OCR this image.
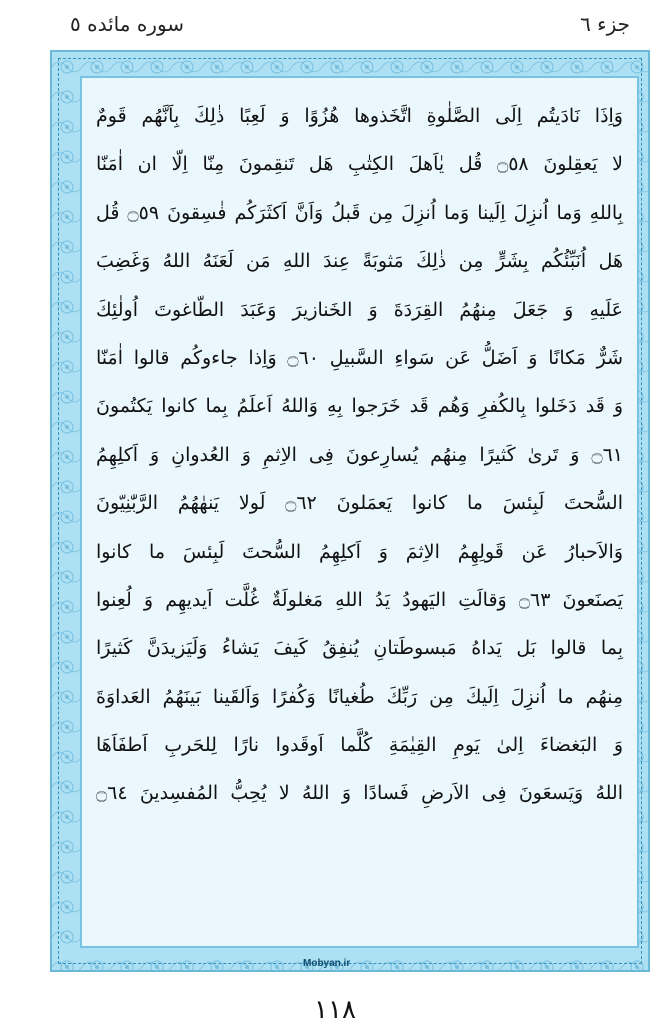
جزء ٦
سوره مائده ٥
وَاِذَا نَادَیتُم اِلَى الصَّلٰوةِ اتَّخَذوها هُزُوًا وَ لَعِبًا ذٰلِكَ بِاَنَّهُم قَومٌ
لا يَعقِلونَ ۝٥٨ قُل يٰاَهلَ الكِتٰبِ هَل تَنقِمونَ مِنّا اِلّا ان اٰمَنّا
بِاللهِ وَما اُنزِلَ اِلَينا وَما اُنزِلَ مِن قَبلُ وَاَنَّ اَكثَرَكُم فٰسِقونَ ۝٥٩ قُل
هَل اُنَبِّئُكُم بِشَرٍّ مِن ذٰلِكَ مَثوبَةً عِندَ اللهِ مَن لَعَنَهُ اللهُ وَغَضِبَ
عَلَيهِ وَ جَعَلَ مِنهُمُ القِرَدَةَ وَ الخَنازيرَ وَعَبَدَ الطّاغوتَ اُولٰئِكَ
شَرٌّ مَكانًا وَ اَضَلُّ عَن سَواءِ السَّبيلِ ۝٦٠ وَاِذا جاءوكُم قالوا اٰمَنّا
وَ قَد دَخَلوا بِالكُفرِ وَهُم قَد خَرَجوا بِهِ وَاللهُ اَعلَمُ بِما كانوا يَكتُمونَ
۝٦١ وَ تَرىٰ كَثيرًا مِنهُم يُسارِعونَ فِى الاِثمِ وَ العُدوانِ وَ اَكلِهِمُ
السُّحتَ لَبِئسَ ما كانوا يَعمَلونَ ۝٦٢ لَولا يَنهٰهُمُ الرَّبّٰنِيّونَ
وَالاَحبارُ عَن قَولِهِمُ الاِثمَ وَ اَكلِهِمُ السُّحتَ لَبِئسَ ما كانوا
يَصنَعونَ ۝٦٣ وَقالَتِ اليَهودُ يَدُ اللهِ مَغلولَةٌ غُلَّت اَيديهِم وَ لُعِنوا
بِما قالوا بَل يَداهُ مَبسوطَتانِ يُنفِقُ كَيفَ يَشاءُ وَلَيَزيدَنَّ كَثيرًا
مِنهُم ما اُنزِلَ اِلَيكَ مِن رَبِّكَ طُغيانًا وَكُفرًا وَاَلقَينا بَينَهُمُ العَداوَةَ
وَ البَغضاءَ اِلىٰ يَومِ القِيٰمَةِ كُلَّما اَوقَدوا نارًا لِلحَربِ اَطفَاَهَا
اللهُ وَيَسعَونَ فِى الاَرضِ فَسادًا وَ اللهُ لا يُحِبُّ المُفسِدينَ ۝٦٤
Mobyan.ir
١١٨
